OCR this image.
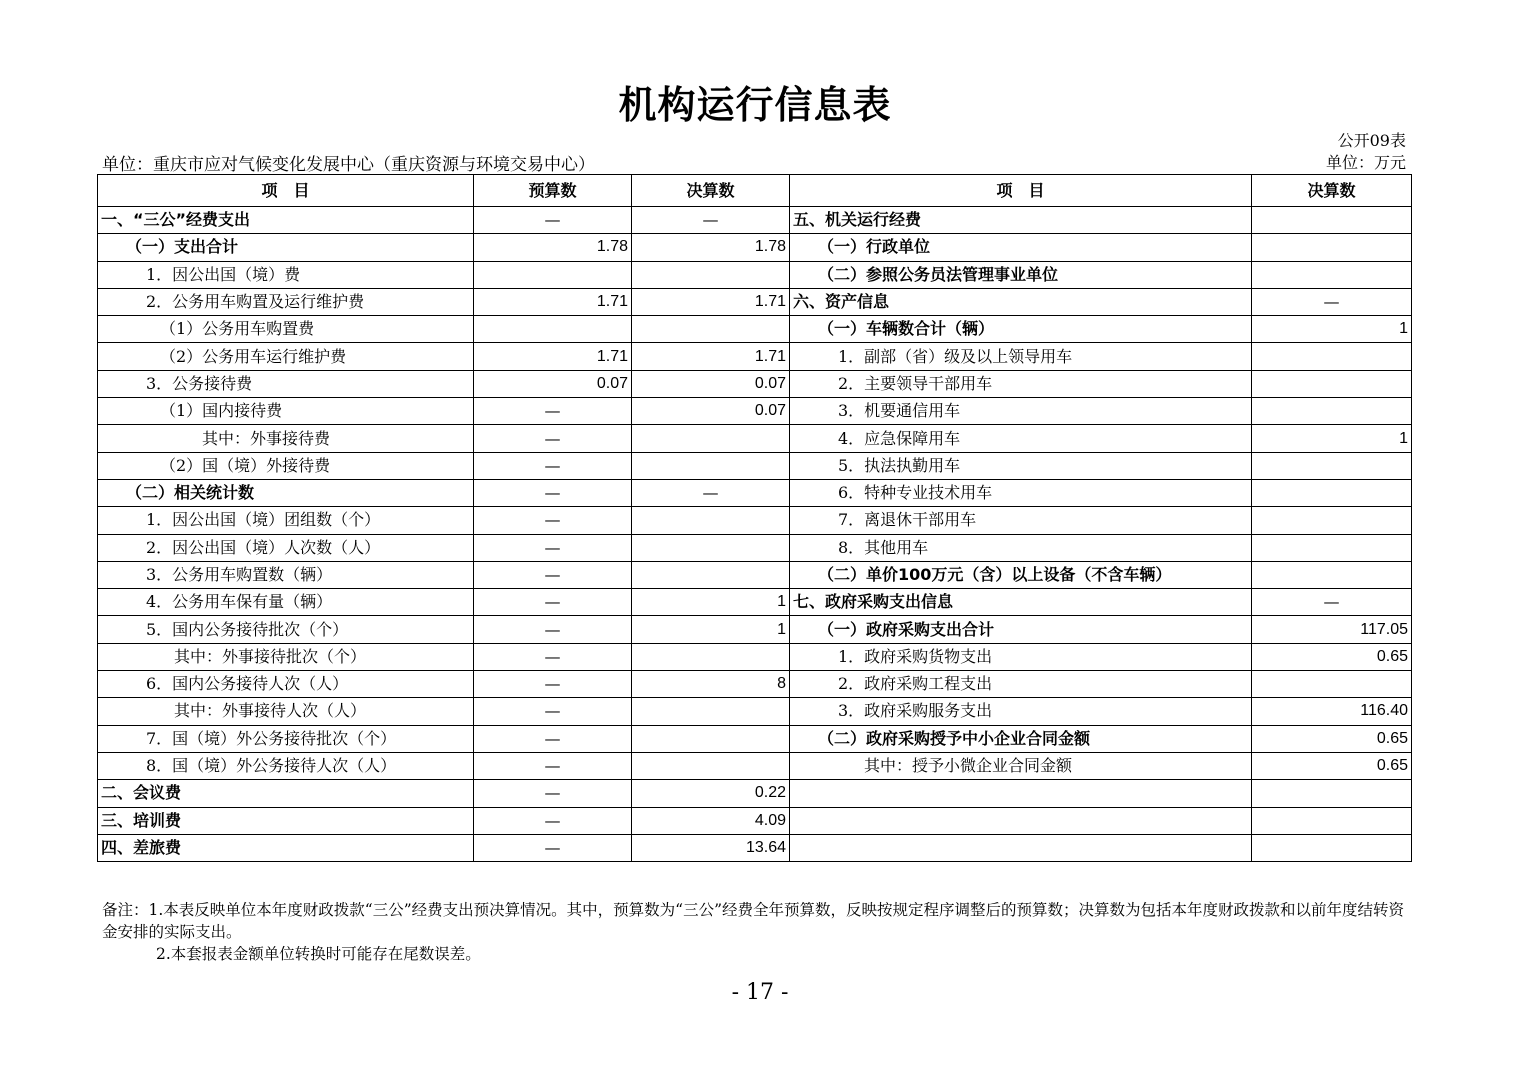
机构运行信息表
公开09表
单位：重庆市应对气候变化发展中心（重庆资源与环境交易中心）	单位：万元
项　目	预算数	决算数	项　目	决算数
一、“三公”经费支出	—	—	五、机关运行经费	
（一）支出合计	1.78	1.78	（一）行政单位	
1．因公出国（境）费			（二）参照公务员法管理事业单位	
2．公务用车购置及运行维护费	1.71	1.71	六、资产信息	—
（1）公务用车购置费			（一）车辆数合计（辆）	1
（2）公务用车运行维护费	1.71	1.71	1．副部（省）级及以上领导用车	
3．公务接待费	0.07	0.07	2．主要领导干部用车	
（1）国内接待费	—	0.07	3．机要通信用车	
其中：外事接待费	—		4．应急保障用车	1
（2）国（境）外接待费	—		5．执法执勤用车	
（二）相关统计数	—	—	6．特种专业技术用车	
1．因公出国（境）团组数（个）	—		7．离退休干部用车	
2．因公出国（境）人次数（人）	—		8．其他用车	
3．公务用车购置数（辆）	—		（二）单价100万元（含）以上设备（不含车辆）	
4．公务用车保有量（辆）	—	1	七、政府采购支出信息	—
5．国内公务接待批次（个）	—	1	（一）政府采购支出合计	117.05
其中：外事接待批次（个）	—		1．政府采购货物支出	0.65
6．国内公务接待人次（人）	—	8	2．政府采购工程支出	
其中：外事接待人次（人）	—		3．政府采购服务支出	116.40
7．国（境）外公务接待批次（个）	—		（二）政府采购授予中小企业合同金额	0.65
8．国（境）外公务接待人次（人）	—		其中：授予小微企业合同金额	0.65
二、会议费	—	0.22		
三、培训费	—	4.09		
四、差旅费	—	13.64		
备注：1.本表反映单位本年度财政拨款“三公”经费支出预决算情况。其中，预算数为“三公”经费全年预算数，反映按规定程序调整后的预算数；决算数为包括本年度财政拨款和以前年度结转资金安排的实际支出。
2.本套报表金额单位转换时可能存在尾数误差。
- 17 -
